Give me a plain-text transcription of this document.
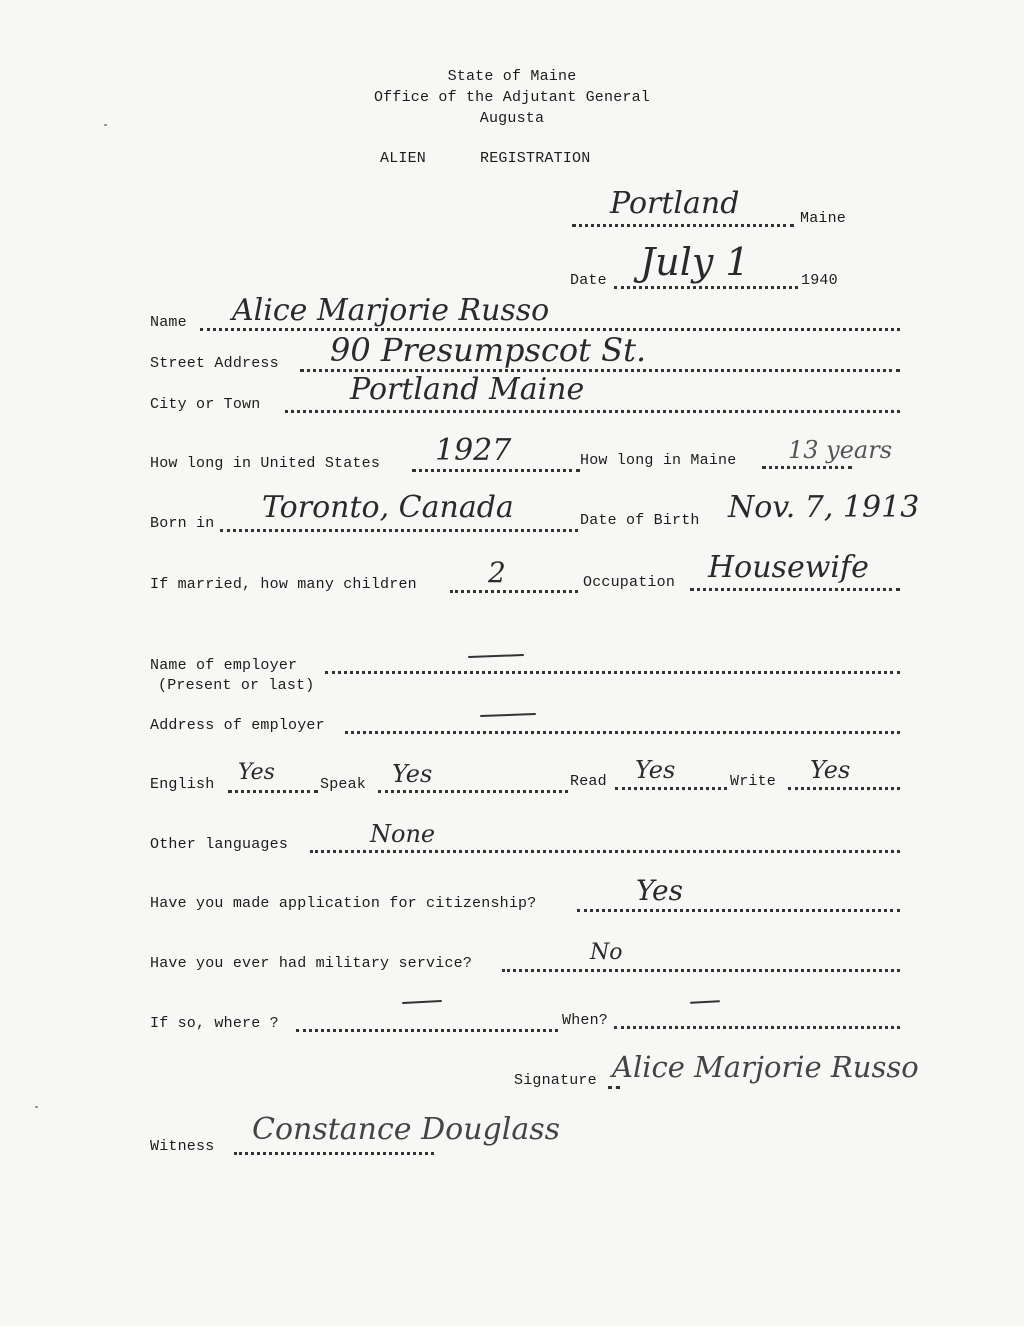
State of Maine
Office of the Adjutant General
Augusta
ALIEN	REGISTRATION
Portland	Maine
Date July 1	1940
Name Alice Marjorie Russo
Street Address 90 Presumpscot St.
City or Town	Portland Maine
How long in United States 1927	How long in Maine 13 years
Born in Toronto, Canada	Date of Birth Nov. 7, 1913
If married, how many children	2	Occupation Housewife
Name of employer
(Present or last)
Address of employer
English Yes	Speak Yes	Read Yes	Write Yes
Other languages	None
Have you made application for citizenship?	Yes
Have you ever had military service?	No
If so, where ?	When?
Signature Alice Marjorie Russo
Witness Constance Douglass
